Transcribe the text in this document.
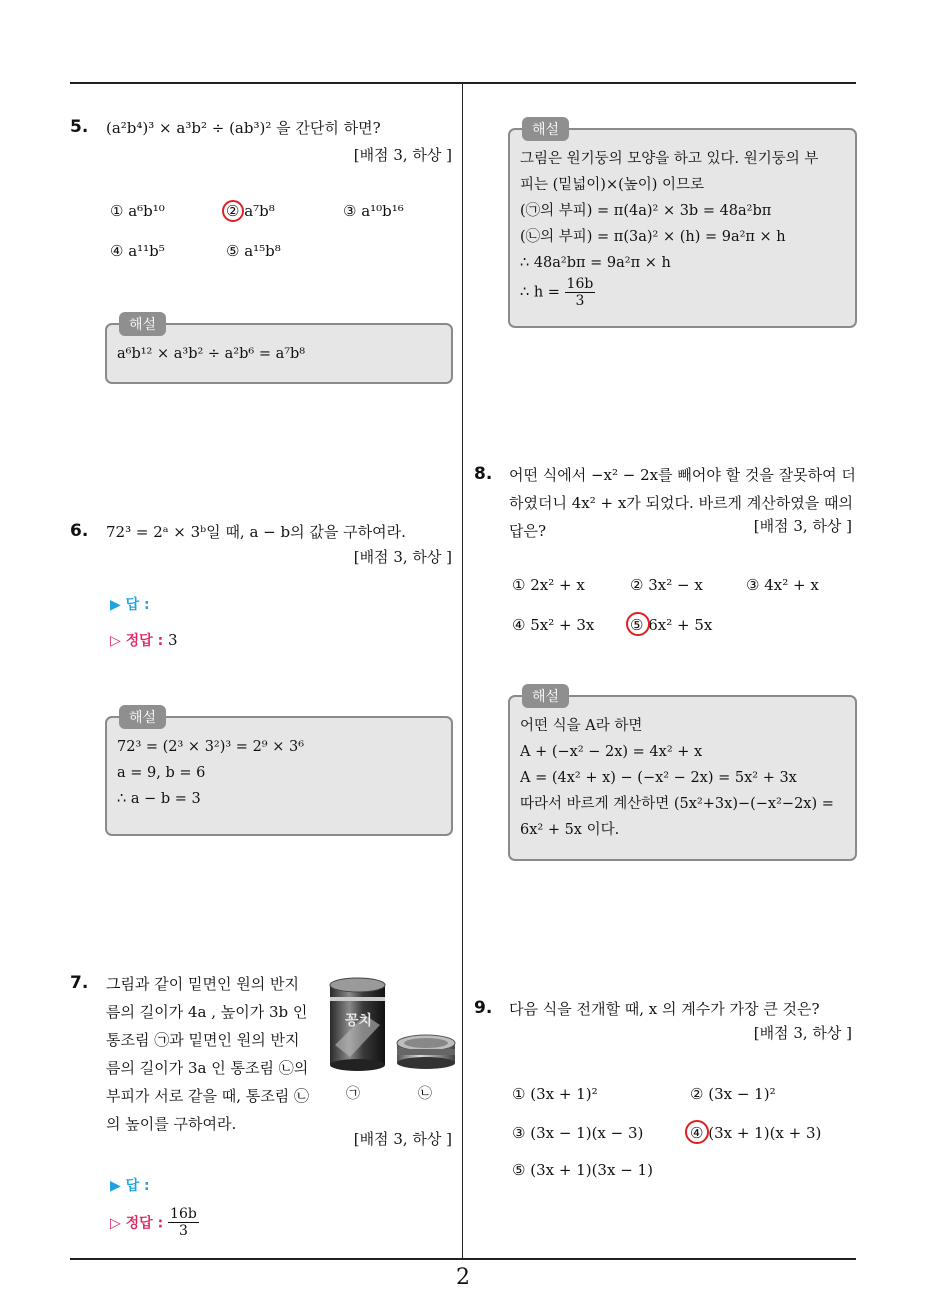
2
5. (a²b⁴)³ × a³b² ÷ (ab³)² 을 간단히 하면?
[배점 3, 하상 ]
① a⁶b¹⁰	② a⁷b⁸	③ a¹⁰b¹⁶
④ a¹¹b⁵	⑤ a¹⁵b⁸
해설
a⁶b¹² × a³b² ÷ a²b⁶ = a⁷b⁸
6. 72³ = 2ᵃ × 3ᵇ일 때, a − b의 값을 구하여라.
[배점 3, 하상 ]
▶ 답 :
▷ 정답 : 3
해설
72³ = (2³ × 3²)³ = 2⁹ × 3⁶
a = 9, b = 6
∴ a − b = 3
7. 그림과 같이 밑면인 원의 반지
름의 길이가 4a , 높이가 3b 인
통조림 ㉠과 밑면인 원의 반지
름의 길이가 3a 인 통조림 ㉡의
부피가 서로 같을 때, 통조림 ㉡
의 높이를 구하여라.
꽁치
㉠	㉡
[배점 3, 하상 ]
▶ 답 :
▷ 정답 : $\frac{16b}{3}$
해설
그림은 원기둥의 모양을 하고 있다. 원기둥의 부
피는 (밑넓이)×(높이) 이므로
(㉠의 부피) = π(4a)² × 3b = 48a²bπ
(㉡의 부피) = π(3a)² × (h) = 9a²π × h
∴ 48a²bπ = 9a²π × h
∴ $h = \frac{16b}{3}$
8. 어떤 식에서 −x² − 2x를 빼어야 할 것을 잘못하여 더
하였더니 4x² + x가 되었다. 바르게 계산하였을 때의
답은?	[배점 3, 하상 ]
① 2x² + x	② 3x² − x	③ 4x² + x
④ 5x² + 3x ⑤ 6x² + 5x
해설
어떤 식을 A라 하면
A + (−x² − 2x) = 4x² + x
A = (4x² + x) − (−x² − 2x) = 5x² + 3x
따라서 바르게 계산하면 (5x²+3x)−(−x²−2x) =
6x² + 5x 이다.
9. 다음 식을 전개할 때, x 의 계수가 가장 큰 것은?
[배점 3, 하상 ]
① (3x + 1)²	② (3x − 1)²
③ (3x − 1)(x − 3)	④ (3x + 1)(x + 3)
⑤ (3x + 1)(3x − 1)
